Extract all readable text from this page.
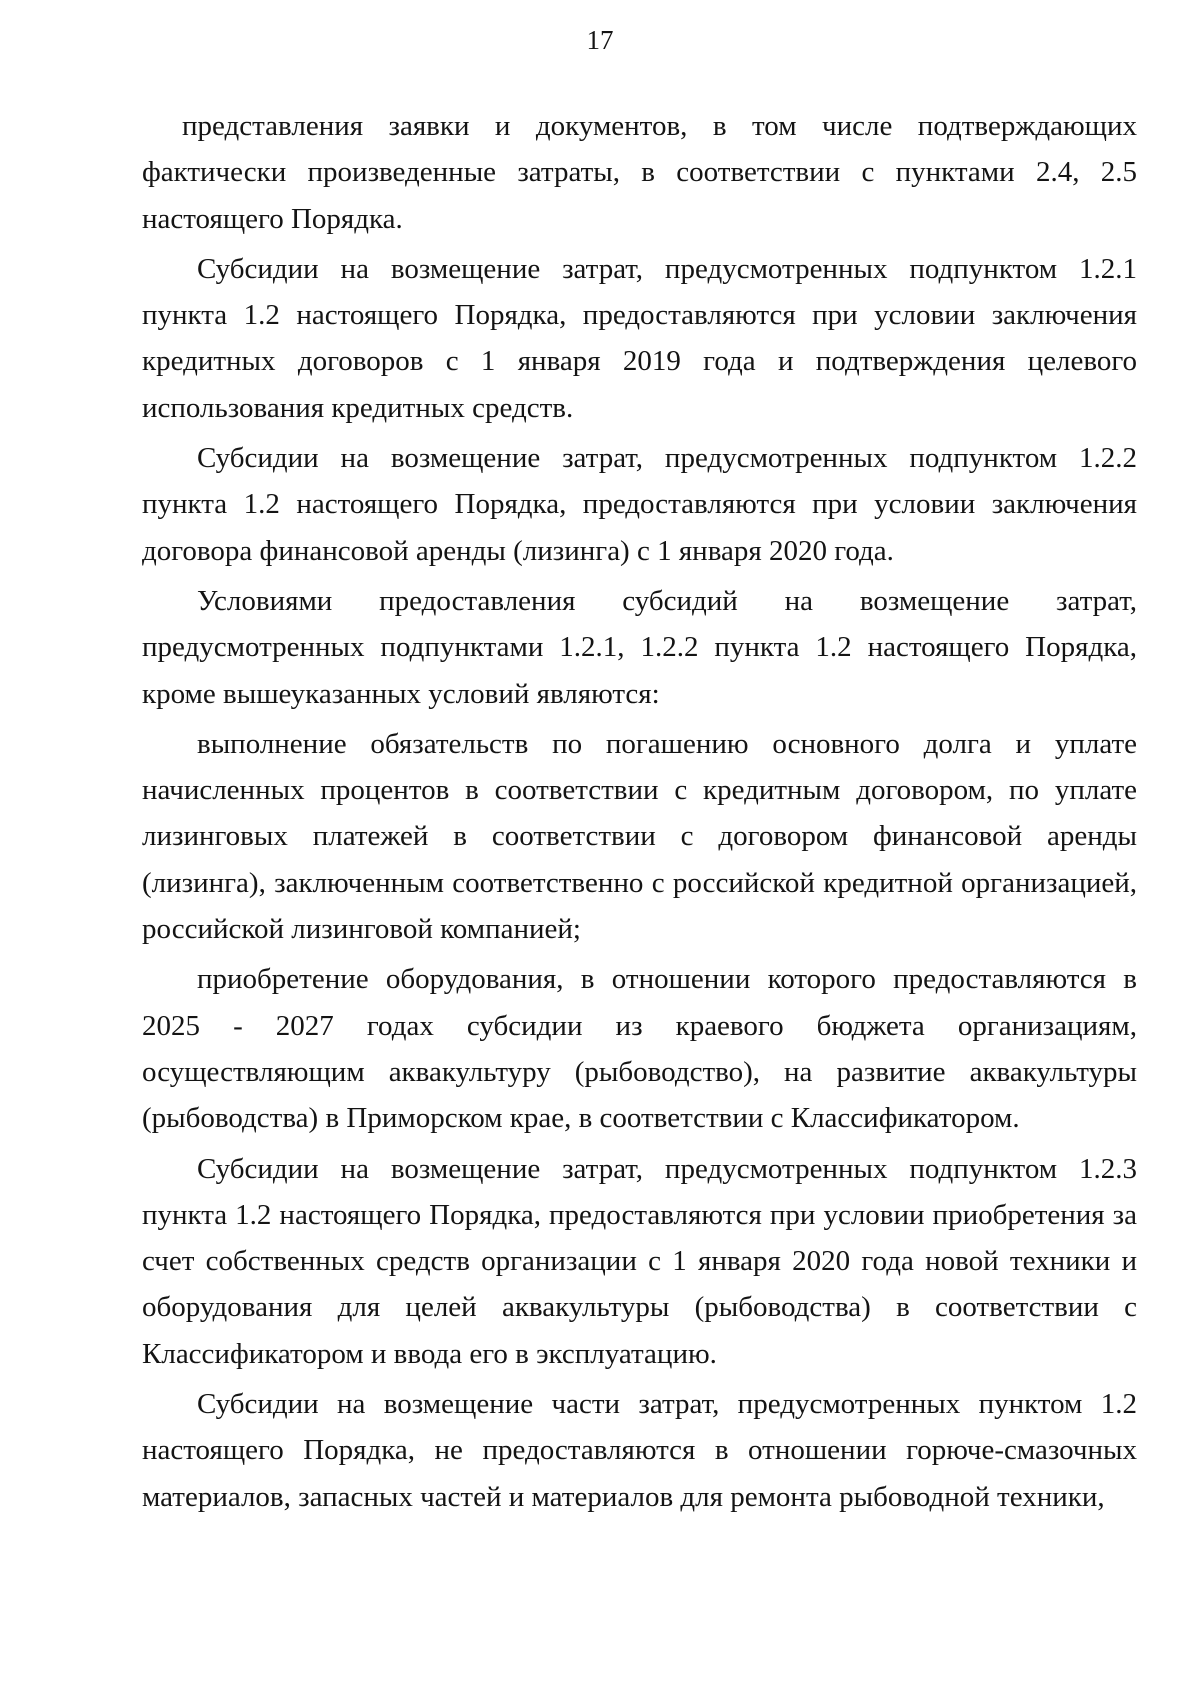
17

представления заявки и документов, в том числе подтверждающих фактически произведенные затраты, в соответствии с пунктами 2.4, 2.5 настоящего Порядка.

Субсидии на возмещение затрат, предусмотренных подпунктом 1.2.1 пункта 1.2 настоящего Порядка, предоставляются при условии заключения кредитных договоров с 1 января 2019 года и подтверждения целевого использования кредитных средств.

Субсидии на возмещение затрат, предусмотренных подпунктом 1.2.2 пункта 1.2 настоящего Порядка, предоставляются при условии заключения договора финансовой аренды (лизинга) с 1 января 2020 года.

Условиями предоставления субсидий на возмещение затрат, предусмотренных подпунктами 1.2.1, 1.2.2 пункта 1.2 настоящего Порядка, кроме вышеуказанных условий являются:

выполнение обязательств по погашению основного долга и уплате начисленных процентов в соответствии с кредитным договором, по уплате лизинговых платежей в соответствии с договором финансовой аренды (лизинга), заключенным соответственно с российской кредитной организацией, российской лизинговой компанией;

приобретение оборудования, в отношении которого предоставляются в 2025 - 2027 годах субсидии из краевого бюджета организациям, осуществляющим аквакультуру (рыбоводство), на развитие аквакультуры (рыбоводства) в Приморском крае, в соответствии с Классификатором.

Субсидии на возмещение затрат, предусмотренных подпунктом 1.2.3 пункта 1.2 настоящего Порядка, предоставляются при условии приобретения за счет собственных средств организации с 1 января 2020 года новой техники и оборудования для целей аквакультуры (рыбоводства) в соответствии с Классификатором и ввода его в эксплуатацию.

Субсидии на возмещение части затрат, предусмотренных пунктом 1.2 настоящего Порядка, не предоставляются в отношении горюче-смазочных материалов, запасных частей и материалов для ремонта рыбоводной техники,
